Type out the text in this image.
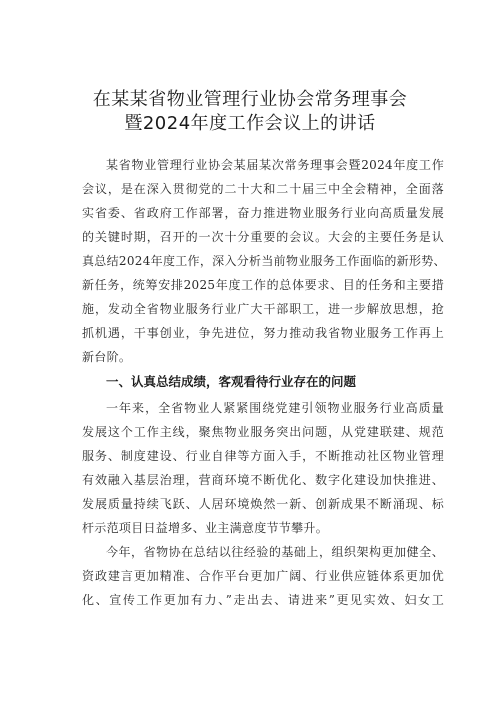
在某某省物业管理行业协会常务理事会
暨2024年度工作会议上的讲话
某省物业管理行业协会某届某次常务理事会暨2024年度工作
会议，是在深入贯彻党的二十大和二十届三中全会精神，全面落
实省委、省政府工作部署，奋力推进物业服务行业向高质量发展
的关键时期，召开的一次十分重要的会议。大会的主要任务是认
真总结2024年度工作，深入分析当前物业服务工作面临的新形势、
新任务，统筹安排2025年度工作的总体要求、目的任务和主要措
施，发动全省物业服务行业广大干部职工，进一步解放思想，抢
抓机遇，干事创业，争先进位，努力推动我省物业服务工作再上
新台阶。
一、认真总结成绩，客观看待行业存在的问题
一年来，全省物业人紧紧围绕党建引领物业服务行业高质量
发展这个工作主线，聚焦物业服务突出问题，从党建联建、规范
服务、制度建设、行业自律等方面入手，不断推动社区物业管理
有效融入基层治理，营商环境不断优化、数字化建设加快推进、
发展质量持续飞跃、人居环境焕然一新、创新成果不断涌现、标
杆示范项目日益增多、业主满意度节节攀升。
今年，省物协在总结以往经验的基础上，组织架构更加健全、
资政建言更加精准、合作平台更加广阔、行业供应链体系更加优
化、宣传工作更加有力、”走出去、请进来”更见实效、妇女工
